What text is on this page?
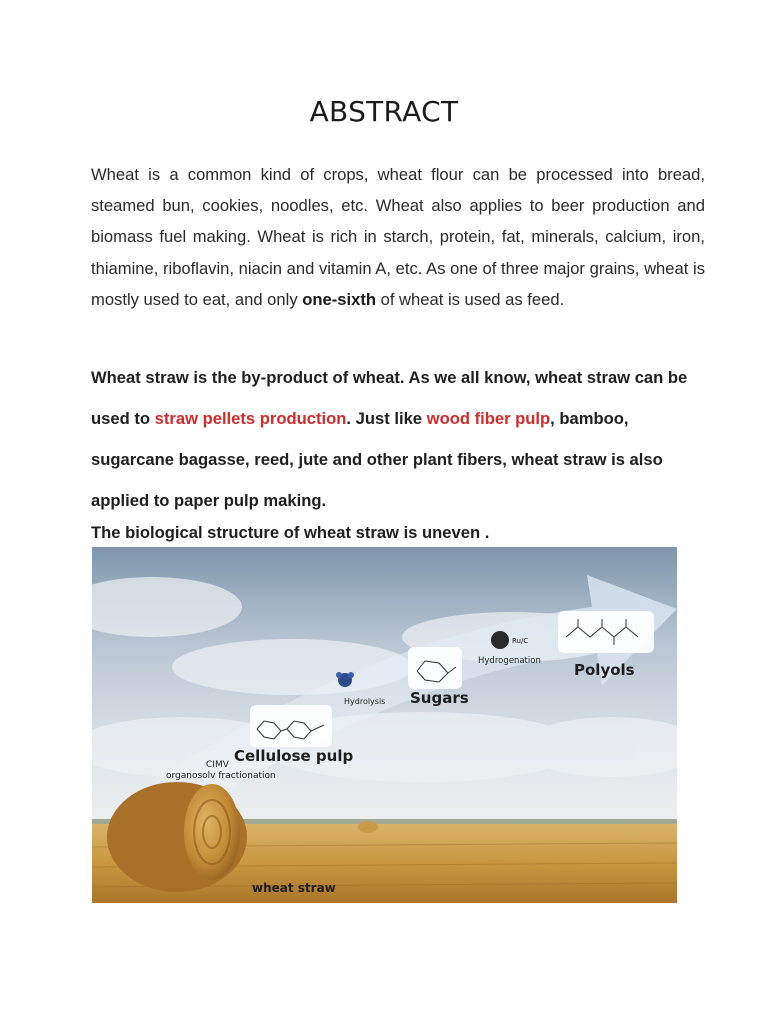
ABSTRACT
Wheat is a common kind of crops, wheat flour can be processed into bread, steamed bun, cookies, noodles, etc. Wheat also applies to beer production and biomass fuel making. Wheat is rich in starch, protein, fat, minerals, calcium, iron, thiamine, riboflavin, niacin and vitamin A, etc. As one of three major grains, wheat is mostly used to eat, and only one-sixth of wheat is used as feed.
Wheat straw is the by-product of wheat. As we all know, wheat straw can be used to straw pellets production. Just like wood fiber pulp, bamboo, sugarcane bagasse, reed, jute and other plant fibers, wheat straw is also applied to paper pulp making.
The biological structure of wheat straw is uneven .
CIMV
organosolv fractionation
Cellulose pulp
Hydrolysis Sugars
Hydrogenation
Ru/C
Polyols
wheat straw
